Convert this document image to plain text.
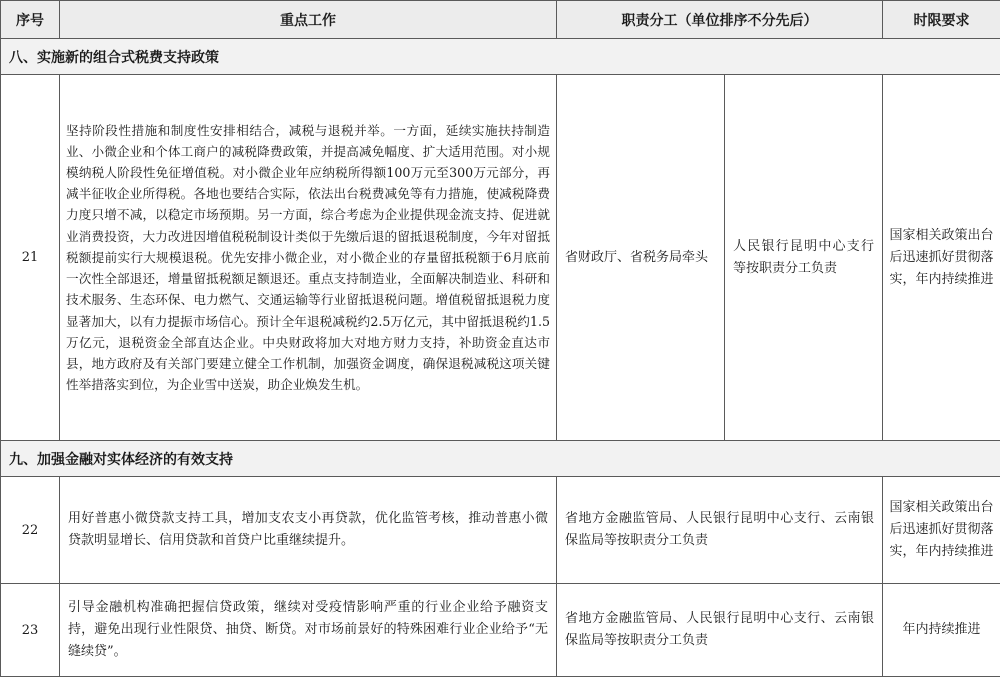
序号	重点工作	职责分工（单位排序不分先后）		时限要求
八、实施新的组合式税费支持政策				
21	坚持阶段性措施和制度性安排相结合，减税与退税并举。一方面，延续实施扶持制造业、小微企业和个体工商户的减税降费政策，并提高减免幅度、扩大适用范围。对小规模纳税人阶段性免征增值税。对小微企业年应纳税所得额100万元至300万元部分，再减半征收企业所得税。各地也要结合实际，依法出台税费减免等有力措施，使减税降费力度只增不减，以稳定市场预期。另一方面，综合考虑为企业提供现金流支持、促进就业消费投资，大力改进因增值税税制设计类似于先缴后退的留抵退税制度，今年对留抵税额提前实行大规模退税。优先安排小微企业，对小微企业的存量留抵税额于6月底前一次性全部退还，增量留抵税额足额退还。重点支持制造业，全面解决制造业、科研和技术服务、生态环保、电力燃气、交通运输等行业留抵退税问题。增值税留抵退税力度显著加大，以有力提振市场信心。预计全年退税减税约2.5万亿元，其中留抵退税约1.5万亿元，退税资金全部直达企业。中央财政将加大对地方财力支持，补助资金直达市县，地方政府及有关部门要建立健全工作机制，加强资金调度，确保退税减税这项关键性举措落实到位，为企业雪中送炭，助企业焕发生机。	省财政厅、省税务局牵头	人民银行昆明中心支行等按职责分工负责	国家相关政策出台后迅速抓好贯彻落实，年内持续推进
九、加强金融对实体经济的有效支持				
22	用好普惠小微贷款支持工具，增加支农支小再贷款，优化监管考核，推动普惠小微贷款明显增长、信用贷款和首贷户比重继续提升。	省地方金融监管局、人民银行昆明中心支行、云南银保监局等按职责分工负责		国家相关政策出台后迅速抓好贯彻落实，年内持续推进
23	引导金融机构准确把握信贷政策，继续对受疫情影响严重的行业企业给予融资支持，避免出现行业性限贷、抽贷、断贷。对市场前景好的特殊困难行业企业给予“无缝续贷”。	省地方金融监管局、人民银行昆明中心支行、云南银保监局等按职责分工负责		年内持续推进
